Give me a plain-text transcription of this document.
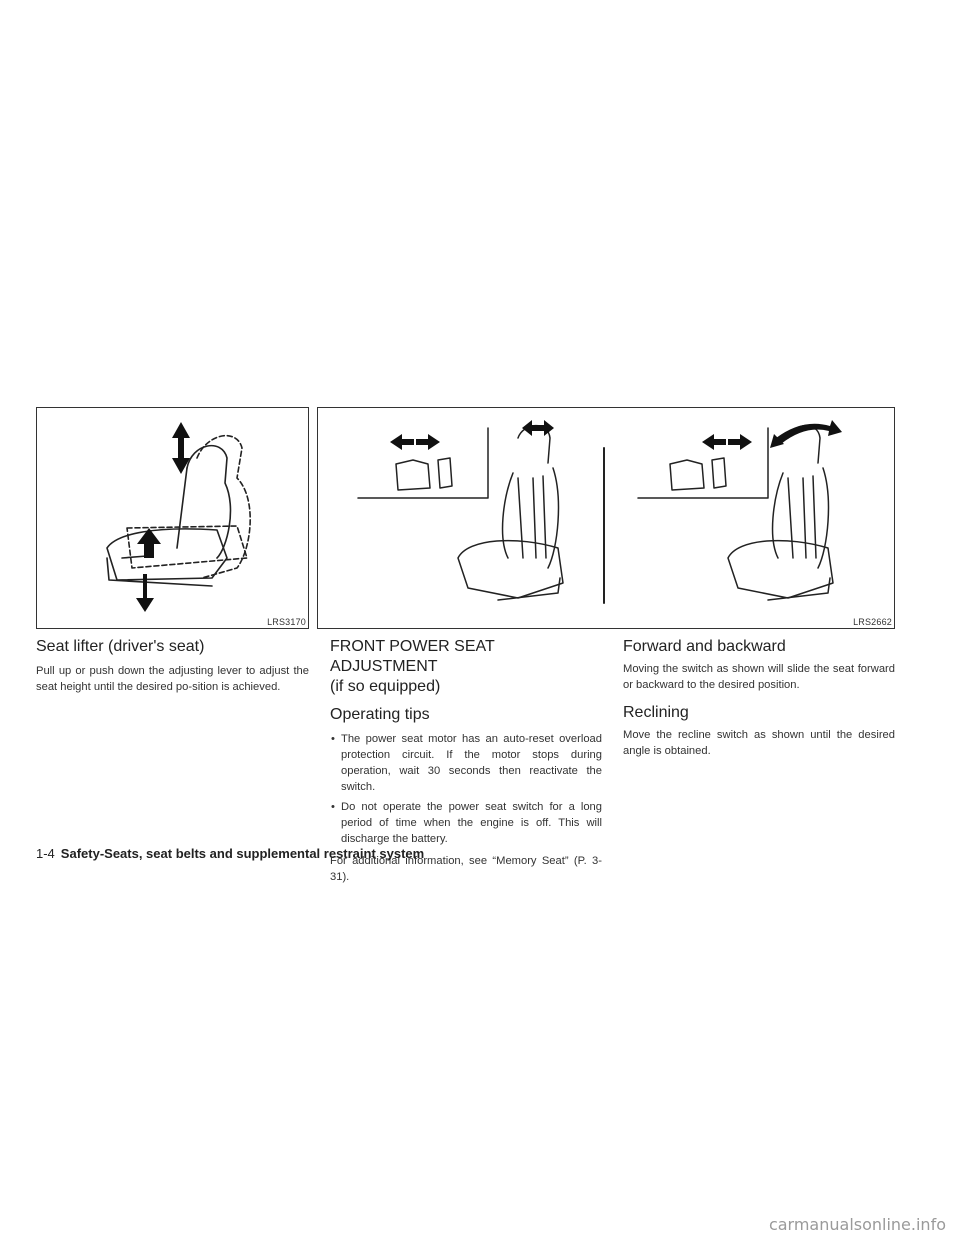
LRS3170	LRS2662
Seat lifter (driver's seat)

Pull up or push down the adjusting lever to adjust the seat height until the desired po-sition is achieved.

FRONT POWER SEAT ADJUSTMENT
(if so equipped)
Operating tips
• The power seat motor has an auto-reset overload protection circuit. If the motor stops during operation, wait 30 seconds then reactivate the switch.
• Do not operate the power seat switch for a long period of time when the engine is off. This will discharge the battery.

For additional information, see “Memory Seat” (P. 3-31).

Forward and backward

Moving the switch as shown will slide the seat forward or backward to the desired position.

Reclining

Move the recline switch as shown until the desired angle is obtained.

1-4 Safety-Seats, seat belts and supplemental restraint system
carmanualsonline.info
